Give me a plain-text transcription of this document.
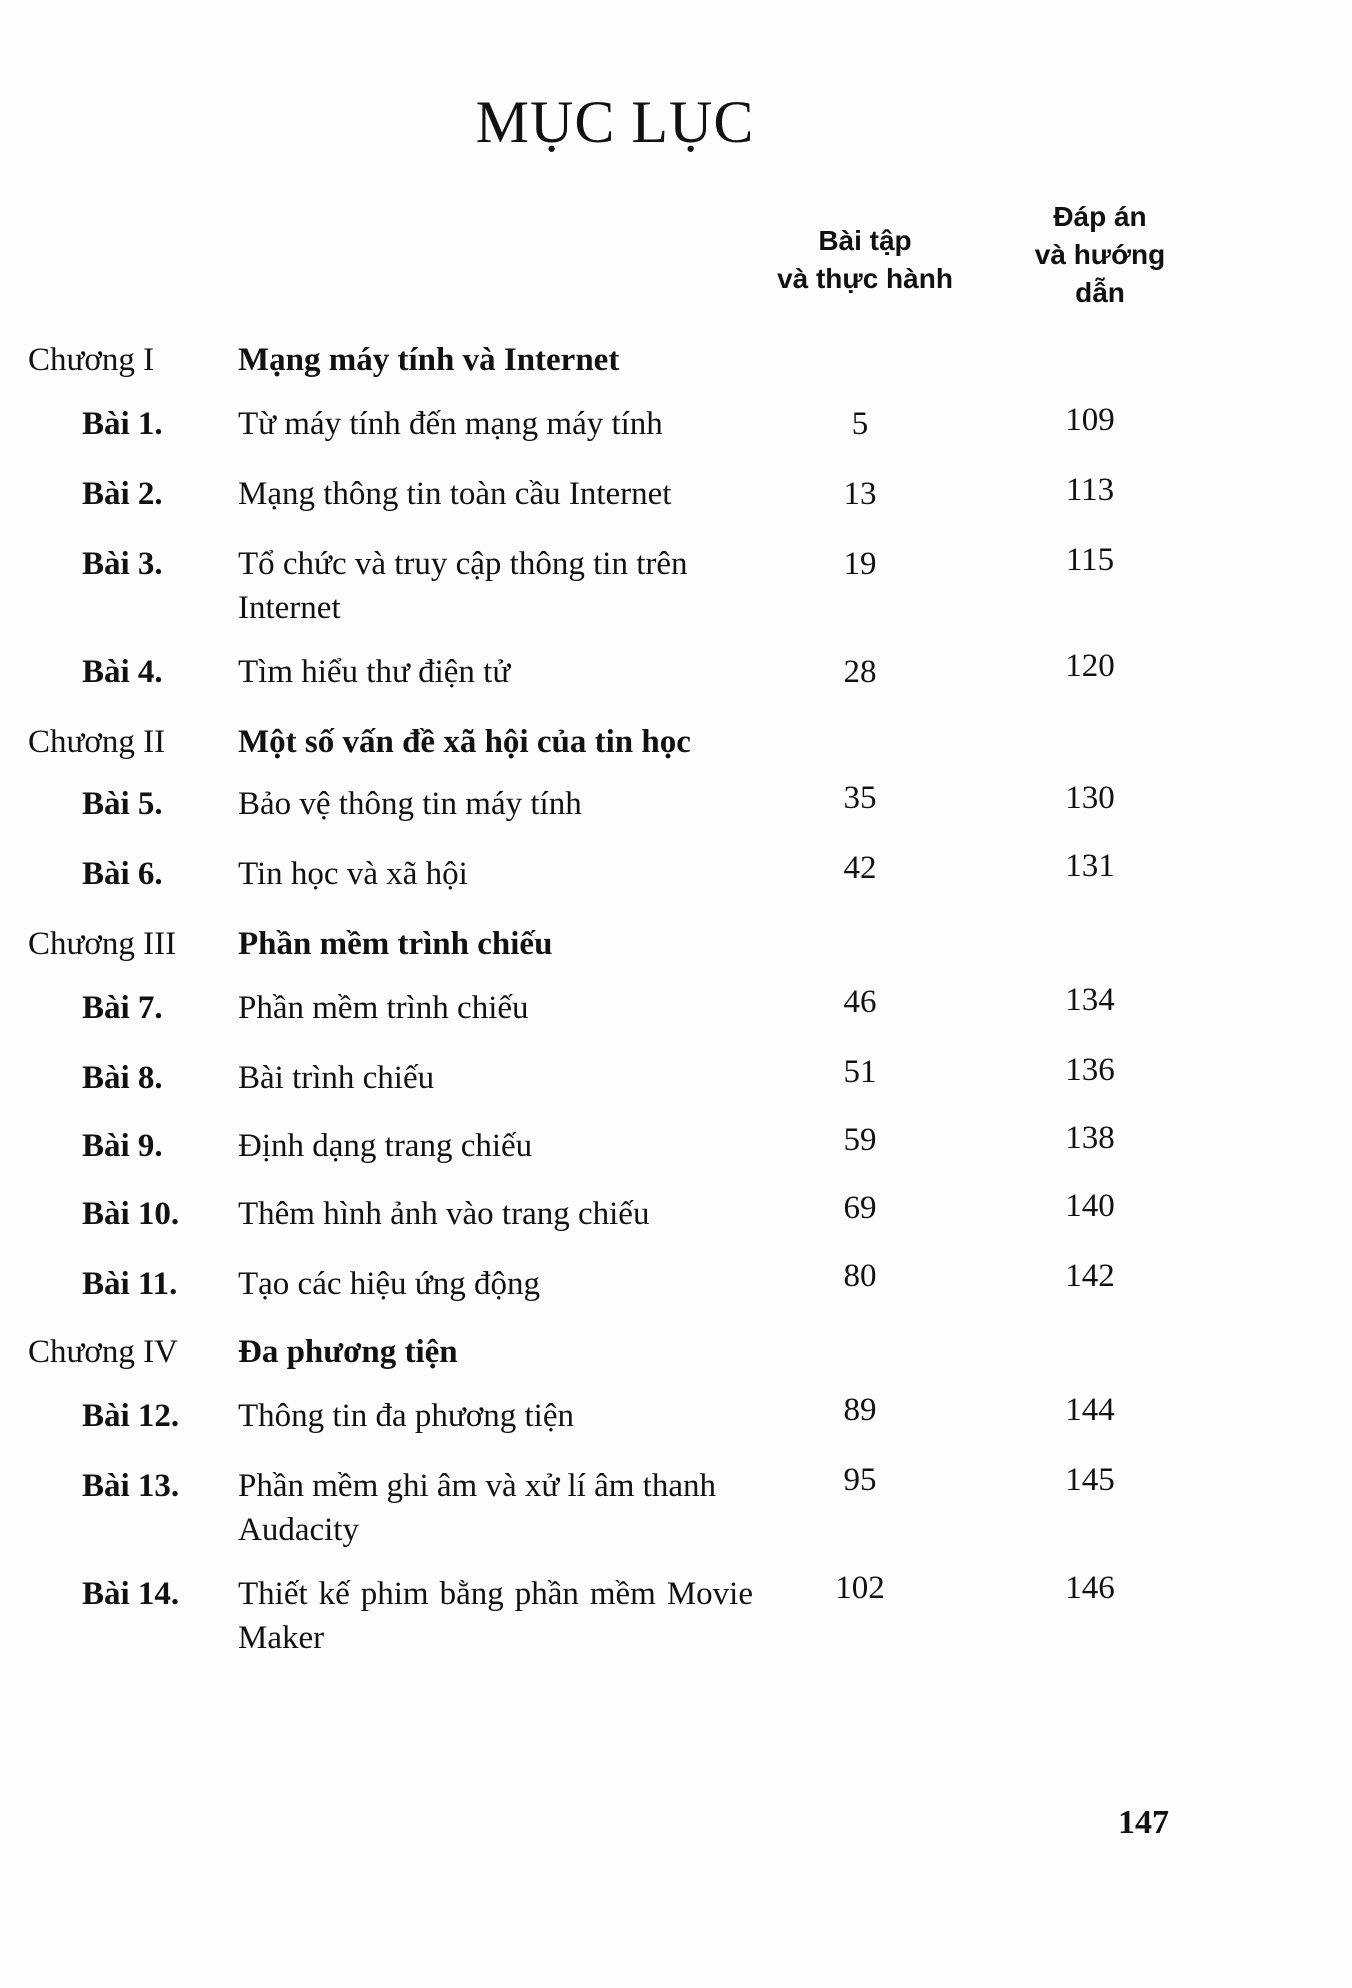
MỤC LỤC
Bài tập
và thực hành
Đáp án
và hướng
dẫn
Chương I	Mạng máy tính và Internet
Bài 1. Từ máy tính đến mạng máy tính	5	109
Bài 2. Mạng thông tin toàn cầu Internet	13	113
Bài 3. Tổ chức và truy cập thông tin trên Internet
19	115
Bài 4. Tìm hiểu thư điện tử	28	120
Chương II Một số vấn đề xã hội của tin học
Bài 5. Bảo vệ thông tin máy tính	35	130
Bài 6. Tin học và xã hội	42	131
Chương III Phần mềm trình chiếu
Bài 7. Phần mềm trình chiếu	46	134
Bài 8. Bài trình chiếu	51	136
Bài 9. Định dạng trang chiếu	59	138
Bài 10. Thêm hình ảnh vào trang chiếu	69	140
Bài 11. Tạo các hiệu ứng động	80	142
Chương IV Đa phương tiện
Bài 12. Thông tin đa phương tiện	89	144
Bài 13. Phần mềm ghi âm và xử lí âm thanh Audacity
95	145
Bài 14. Thiết kế phim bằng phần mềm Movie Maker
102	146
147
